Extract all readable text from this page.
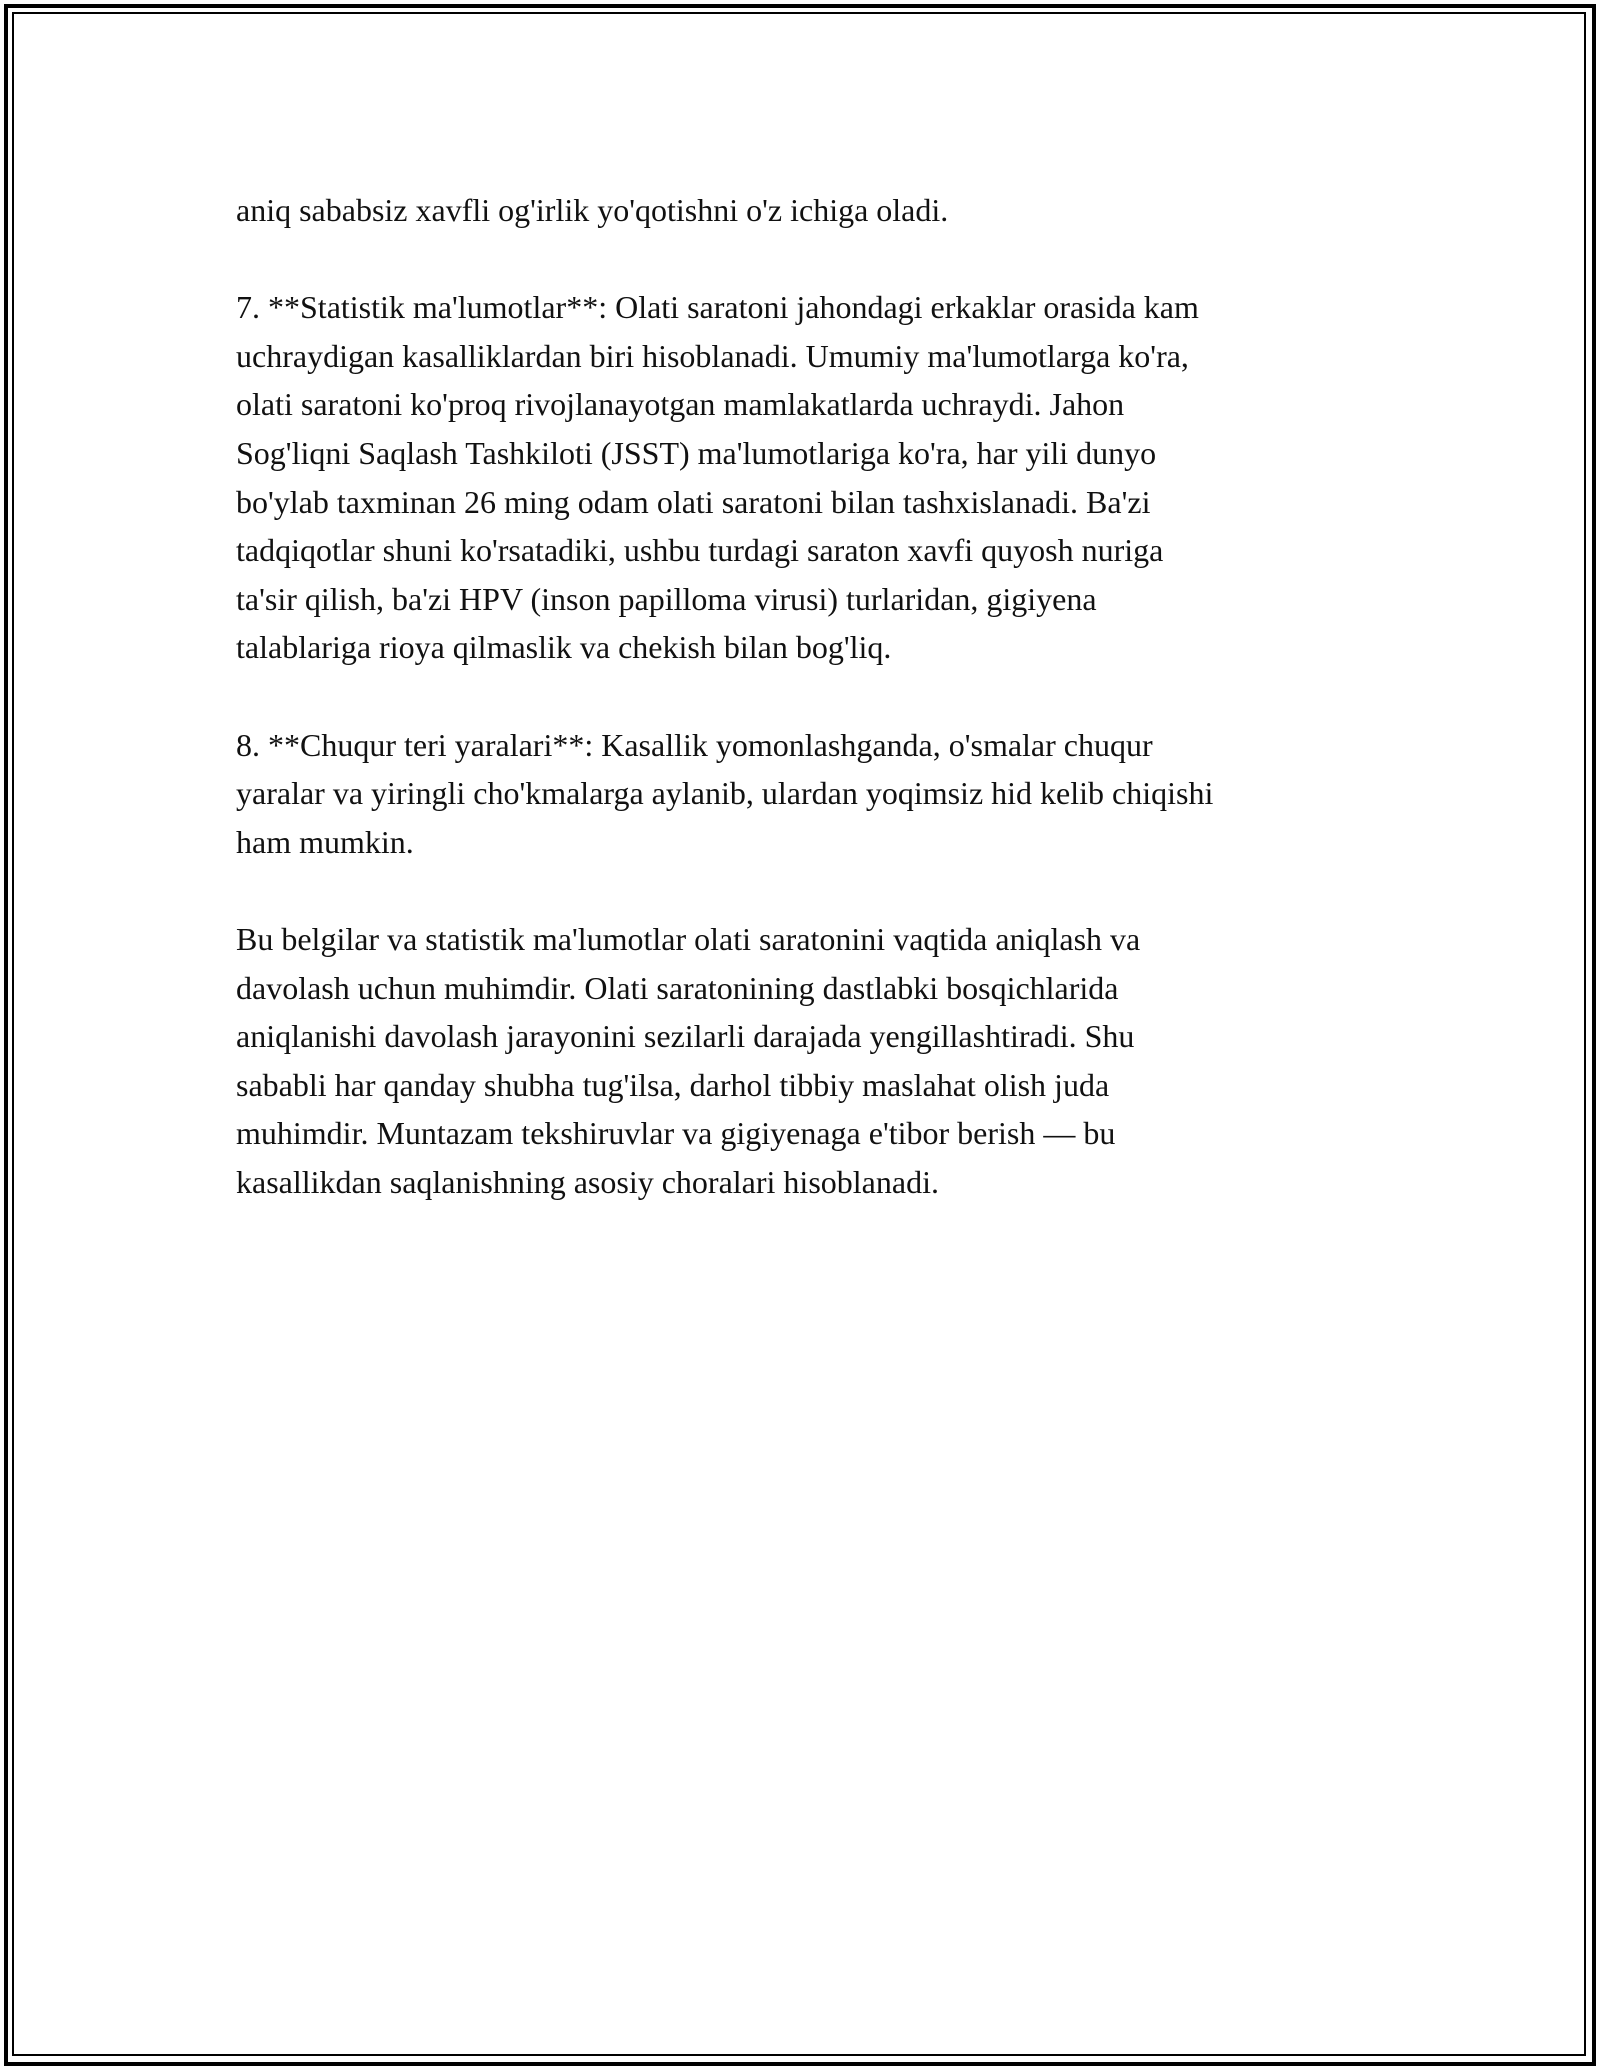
aniq sababsiz xavfli og'irlik yo'qotishni o'z ichiga oladi.

7. **Statistik ma'lumotlar**: Olati saratoni jahondagi erkaklar orasida kam
uchraydigan kasalliklardan biri hisoblanadi. Umumiy ma'lumotlarga ko'ra,
olati saratoni ko'proq rivojlanayotgan mamlakatlarda uchraydi. Jahon
Sog'liqni Saqlash Tashkiloti (JSST) ma'lumotlariga ko'ra, har yili dunyo
bo'ylab taxminan 26 ming odam olati saratoni bilan tashxislanadi. Ba'zi
tadqiqotlar shuni ko'rsatadiki, ushbu turdagi saraton xavfi quyosh nuriga
ta'sir qilish, ba'zi HPV (inson papilloma virusi) turlaridan, gigiyena
talablariga rioya qilmaslik va chekish bilan bog'liq.

8. **Chuqur teri yaralari**: Kasallik yomonlashganda, o'smalar chuqur
yaralar va yiringli cho'kmalarga aylanib, ulardan yoqimsiz hid kelib chiqishi
ham mumkin.

Bu belgilar va statistik ma'lumotlar olati saratonini vaqtida aniqlash va
davolash uchun muhimdir. Olati saratonining dastlabki bosqichlarida
aniqlanishi davolash jarayonini sezilarli darajada yengillashtiradi. Shu
sababli har qanday shubha tug'ilsa, darhol tibbiy maslahat olish juda
muhimdir. Muntazam tekshiruvlar va gigiyenaga e'tibor berish — bu
kasallikdan saqlanishning asosiy choralari hisoblanadi.
